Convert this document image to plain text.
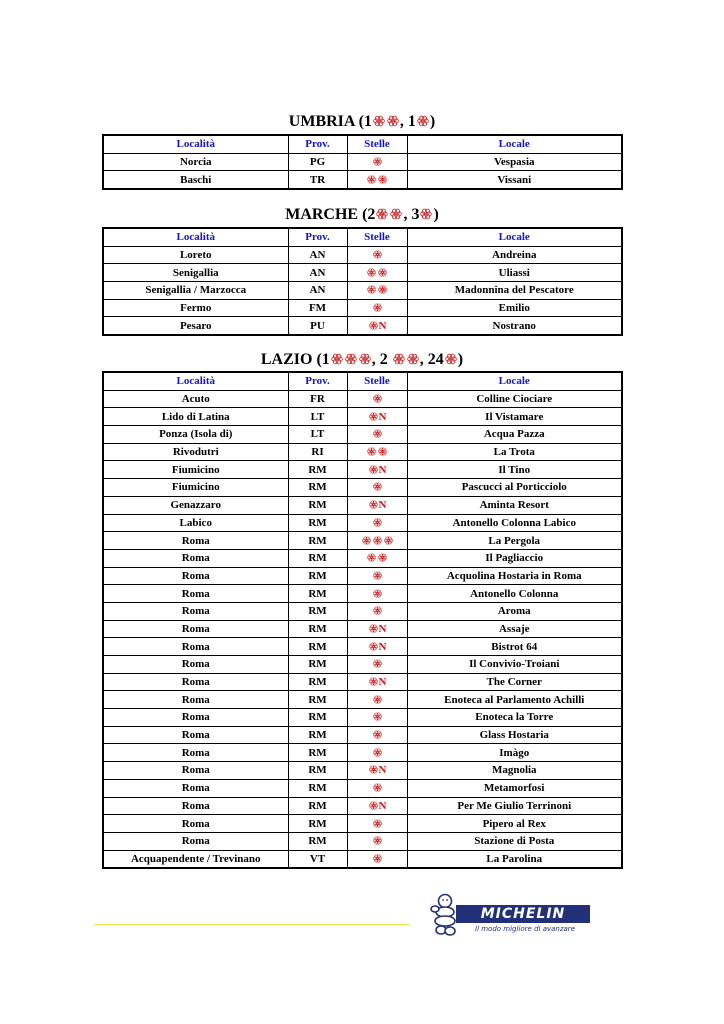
UMBRIA (1 , 1 )
Località	Prov.	Stelle	Locale
Norcia	PG		Vespasia
Baschi	TR		Vissani
MARCHE (2 , 3 )
Località	Prov.	Stelle	Locale
Loreto	AN		Andreina
Senigallia	AN		Uliassi
Senigallia / Marzocca	AN		Madonnina del Pescatore
Fermo	FM		Emilio
Pesaro	PU	N	Nostrano
LAZIO (1	, 2 , 24 )
Località	Prov.	Stelle	Locale
Acuto	FR		Colline Ciociare
Lido di Latina	LT	N	Il Vistamare
Ponza (Isola di)	LT		Acqua Pazza
Rivodutri	RI		La Trota
Fiumicino	RM	N	Il Tino
Fiumicino	RM		Pascucci al Porticciolo
Genazzaro	RM	N	Aminta Resort
Labico	RM		Antonello Colonna Labico
Roma	RM		La Pergola
Roma	RM		Il Pagliaccio
Roma	RM		Acquolina Hostaria in Roma
Roma	RM		Antonello Colonna
Roma	RM		Aroma
Roma	RM	N	Assaje
Roma	RM	N	Bistrot 64
Roma	RM		Il Convivio-Troiani
Roma	RM	N	The Corner
Roma	RM		Enoteca al Parlamento Achilli
Roma	RM		Enoteca la Torre
Roma	RM		Glass Hostaria
Roma	RM		Imàgo
Roma	RM	N	Magnolia
Roma	RM		Metamorfosi
Roma	RM	N	Per Me Giulio Terrinoni
Roma	RM		Pipero al Rex
Roma	RM		Stazione di Posta
Acquapendente / Trevinano	VT		La Parolina
MICHELIN
Il modo migliore di avanzare
